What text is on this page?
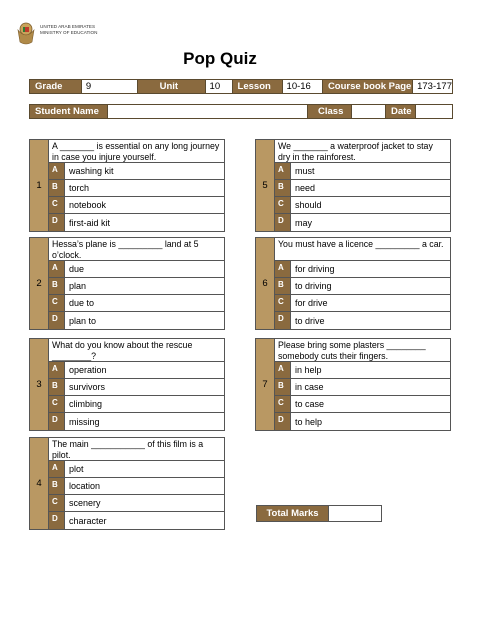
UNITED ARAB EMIRATES
MINISTRY OF EDUCATION
Pop Quiz
Grade	9	Unit	10	Lesson	10-16	Course book Page 173-177
Student Name	Class	Date
1
A _______ is essential on any long journey in case you injure yourself.
A	washing kit
B	torch
C	notebook
D	first-aid kit
2
Hessa’s plane is _________ land at 5 o’clock.
A	due
B	plan
C	due to
D	plan to
3
What do you know about the rescue ________?
A	operation
B	survivors
C	climbing
D	missing
4
The main ___________ of this film is a pilot.
A	plot
B	location
C	scenery
D	character
5
We _______ a waterproof jacket to stay dry in the rainforest.
A	must
B	need
C	should
D	may
6
You must have a licence _________ a car.
A	for driving
B	to driving
C	for drive
D	to drive
7
Please bring some plasters ________ somebody cuts their fingers.
A	in help
B	in case
C	to case
D	to help
Total Marks
